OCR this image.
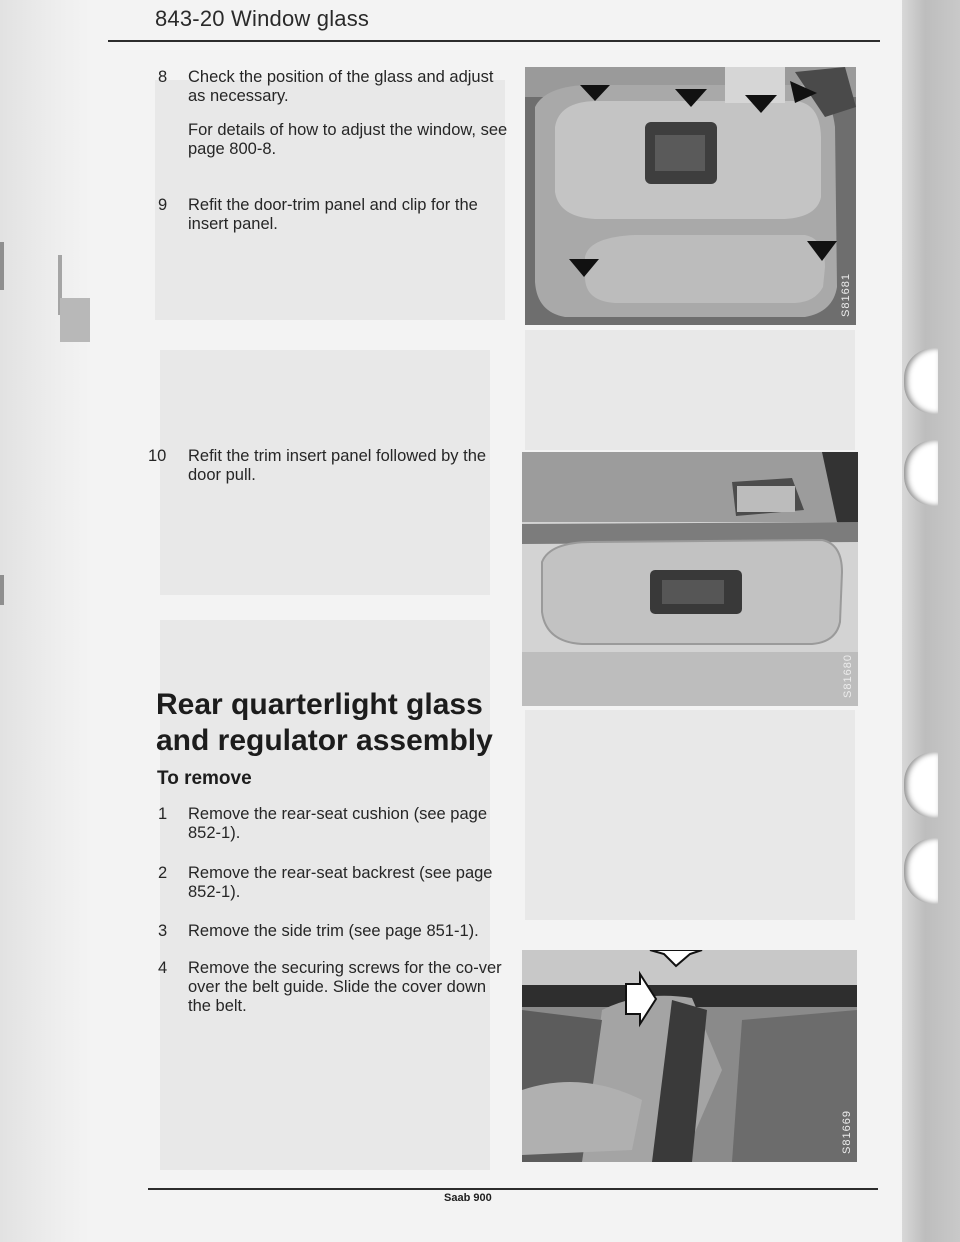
843-20 Window glass
8 Check the position of the glass and adjust as necessary.
For details of how to adjust the window, see page 800-8.
9 Refit the door-trim panel and clip for the insert panel.
10 Refit the trim insert panel followed by the door pull.
Rear quarterlight glass and regulator assembly
To remove
1 Remove the rear-seat cushion (see page 852-1).
2 Remove the rear-seat backrest (see page 852-1).
3 Remove the side trim (see page 851-1).
4 Remove the securing screws for the co-ver over the belt guide. Slide the cover down the belt.
S81681
S81680
S81669
Saab 900
